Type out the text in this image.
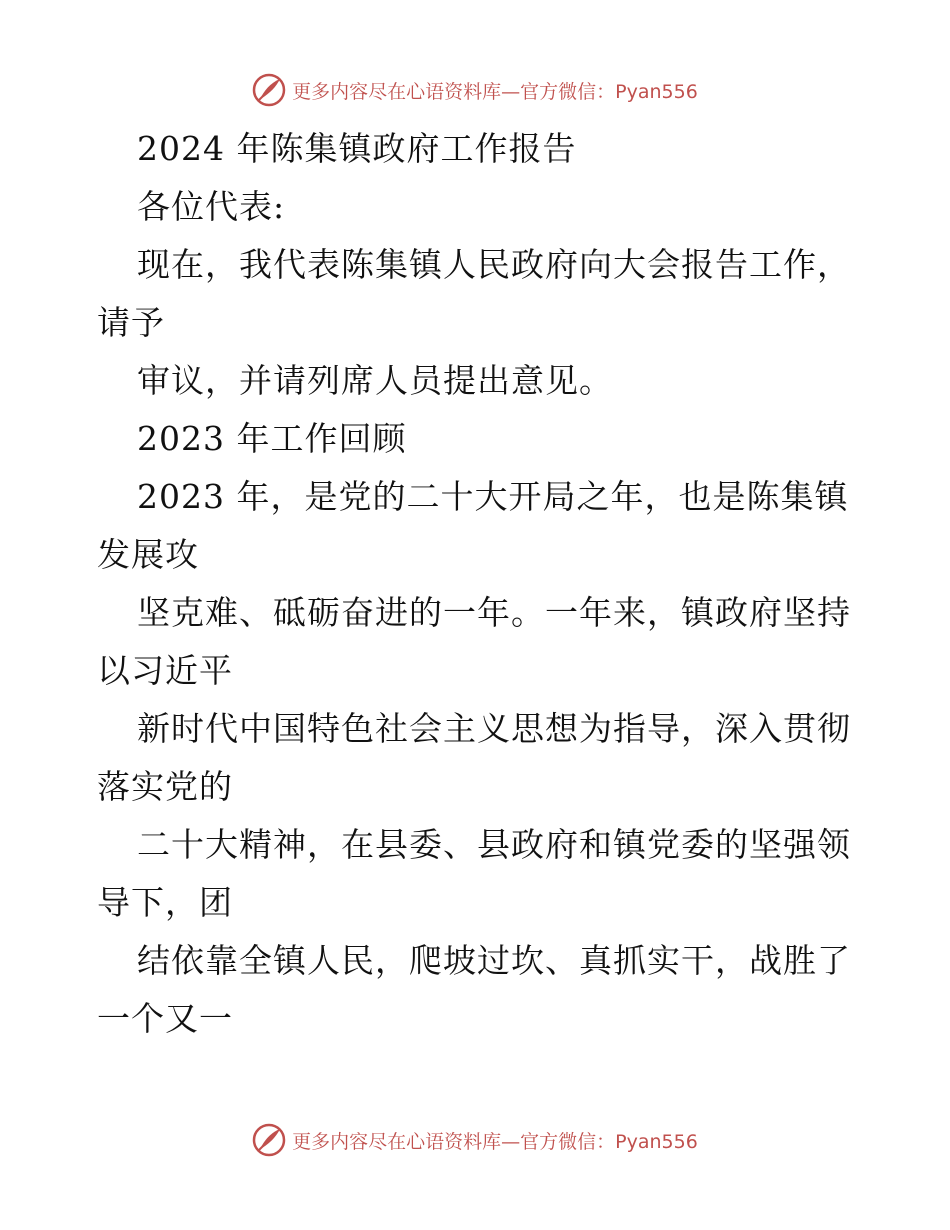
更多内容尽在心语资料库—官方微信：Pyan556
2024 年陈集镇政府工作报告
各位代表:
现在，我代表陈集镇人民政府向大会报告工作，
请予
审议，并请列席人员提出意见。
2023 年工作回顾
2023 年，是党的二十大开局之年，也是陈集镇
发展攻
坚克难、砥砺奋进的一年。一年来，镇政府坚持
以习近平
新时代中国特色社会主义思想为指导，深入贯彻
落实党的
二十大精神，在县委、县政府和镇党委的坚强领
导下，团
结依靠全镇人民，爬坡过坎、真抓实干，战胜了
一个又一
更多内容尽在心语资料库—官方微信：Pyan556
